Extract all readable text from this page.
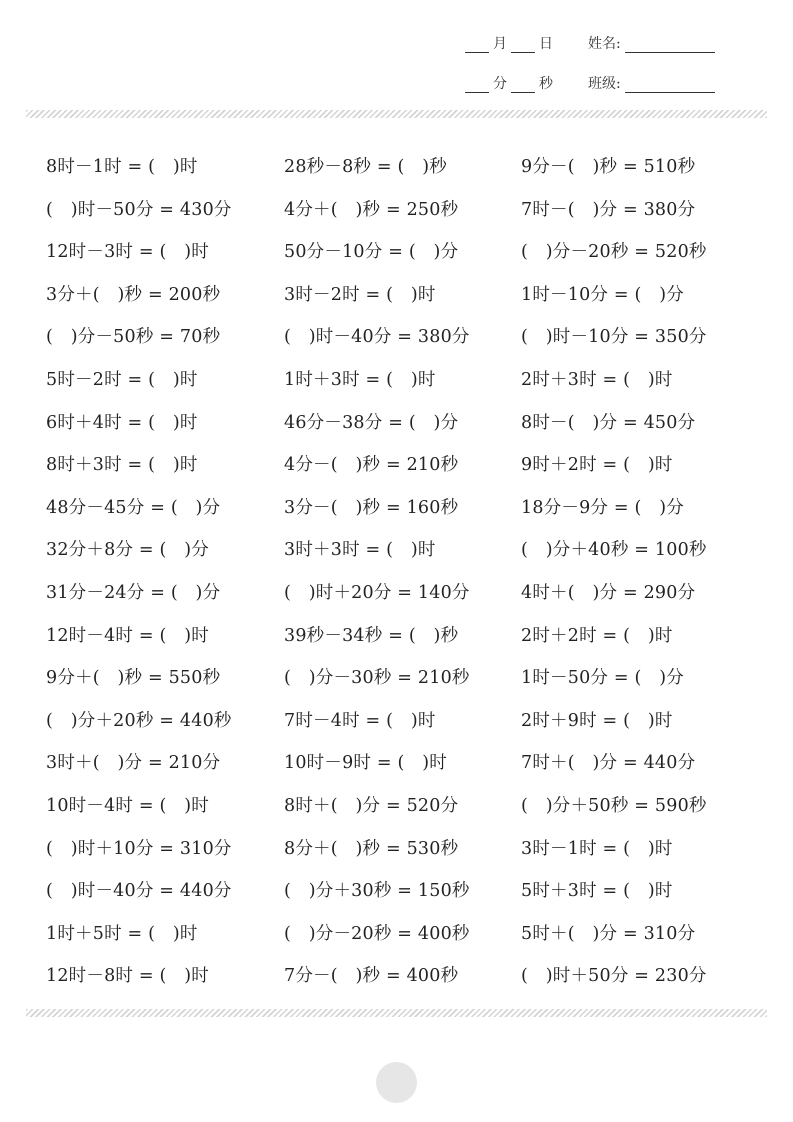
月 日	姓名:
分 秒	班级:
8时－1时 = (　)时	28秒－8秒 = (　)秒	9分－(　)秒 = 510秒
(　)时－50分 = 430分	4分＋(　)秒 = 250秒	7时－(　)分 = 380分
12时－3时 = (　)时	50分－10分 = (　)分	(　)分－20秒 = 520秒
3分＋(　)秒 = 200秒	3时－2时 = (　)时	1时－10分 = (　)分
(　)分－50秒 = 70秒	(　)时－40分 = 380分	(　)时－10分 = 350分
5时－2时 = (　)时	1时＋3时 = (　)时	2时＋3时 = (　)时
6时＋4时 = (　)时	46分－38分 = (　)分	8时－(　)分 = 450分
8时＋3时 = (　)时	4分－(　)秒 = 210秒	9时＋2时 = (　)时
48分－45分 = (　)分	3分－(　)秒 = 160秒	18分－9分 = (　)分
32分＋8分 = (　)分	3时＋3时 = (　)时	(　)分＋40秒 = 100秒
31分－24分 = (　)分	(　)时＋20分 = 140分	4时＋(　)分 = 290分
12时－4时 = (　)时	39秒－34秒 = (　)秒	2时＋2时 = (　)时
9分＋(　)秒 = 550秒	(　)分－30秒 = 210秒	1时－50分 = (　)分
(　)分＋20秒 = 440秒	7时－4时 = (　)时	2时＋9时 = (　)时
3时＋(　)分 = 210分	10时－9时 = (　)时	7时＋(　)分 = 440分
10时－4时 = (　)时	8时＋(　)分 = 520分	(　)分＋50秒 = 590秒
(　)时＋10分 = 310分	8分＋(　)秒 = 530秒	3时－1时 = (　)时
(　)时－40分 = 440分	(　)分＋30秒 = 150秒	5时＋3时 = (　)时
1时＋5时 = (　)时	(　)分－20秒 = 400秒	5时＋(　)分 = 310分
12时－8时 = (　)时	7分－(　)秒 = 400秒	(　)时＋50分 = 230分
